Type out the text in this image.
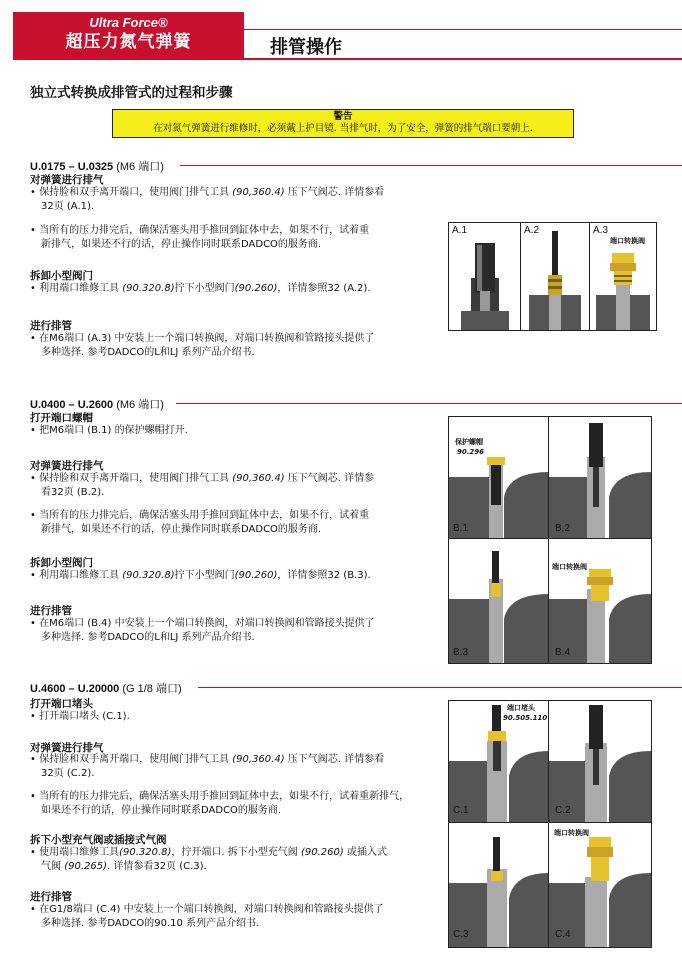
Ultra Force®
超压力氮气弹簧	排管操作
独立式转换成排管式的过程和步骤
警告
在对氮气弹簧进行维修时，必须戴上护目镜. 当排气时，为了安全，弹簧的排气端口要朝上.
U.0175 – U.0325 (M6 端口)
对弹簧进行排气
• 保持脸和双手离开端口，使用阀门排气工具 (90,360.4) 压下气阀芯. 详情参看
32页 (A.1).
• 当所有的压力排完后，确保活塞头用手推回到缸体中去，如果不行，试着重
新排气，如果还不行的话，停止操作同时联系DADCO的服务商.
拆卸小型阀门
• 利用端口维修工具 (90.320.8)拧下小型阀门(90.260)，详情参照32 (A.2).
进行排管
• 在M6端口 (A.3) 中安装上一个端口转换阀，对端口转换阀和管路接头提供了
多种选择. 参考DADCO的L和LJ 系列产品介绍书.
A.1	A.2	A.3
端口转换阀
U.0400 – U.2600 (M6 端口)
打开端口螺帽
• 把M6端口 (B.1) 的保护螺帽打开.
对弹簧进行排气
• 保持脸和双手离开端口，使用阀门排气工具 (90,360.4) 压下气阀芯. 详情参
看32页 (B.2).
• 当所有的压力排完后，确保活塞头用手推回到缸体中去，如果不行，试着重
新排气，如果还不行的话，停止操作同时联系DADCO的服务商.
拆卸小型阀门
• 利用端口维修工具 (90.320.8)拧下小型阀门(90.260)，详情参照32 (B.3).
进行排管
• 在M6端口 (B.4) 中安装上一个端口转换阀，对端口转换阀和管路接头提供了
多种选择. 参考DADCO的L和LJ 系列产品介绍书.
保护螺帽
90.296
B.1	B.2
B.3
端口转换阀
B.4
U.4600 – U.20000 (G 1/8 端口)
打开端口堵头
• 打开端口堵头 (C.1).
对弹簧进行排气
• 保持脸和双手离开端口，使用阀门排气工具 (90,360.4) 压下气阀芯. 详情参看
32页 (C.2).
• 当所有的压力排完后，确保活塞头用手推回到缸体中去，如果不行，试着重新排气，
如果还不行的话，停止操作同时联系DADCO的服务商.
拆下小型充气阀或插接式气阀
• 使用端口维修工具(90.320.8)，拧开端口. 拆下小型充气阀 (90.260) 或插入式
气阀 (90.265). 详情参看32页 (C.3).
进行排管
• 在G1/8端口 (C.4) 中安装上一个端口转换阀，对端口转换阀和管路接头提供了
多种选择. 参考DADCO的90.10 系列产品介绍书.
端口堵头
90.505.110
C.1	C.2
C.3
端口转换阀
C.4
